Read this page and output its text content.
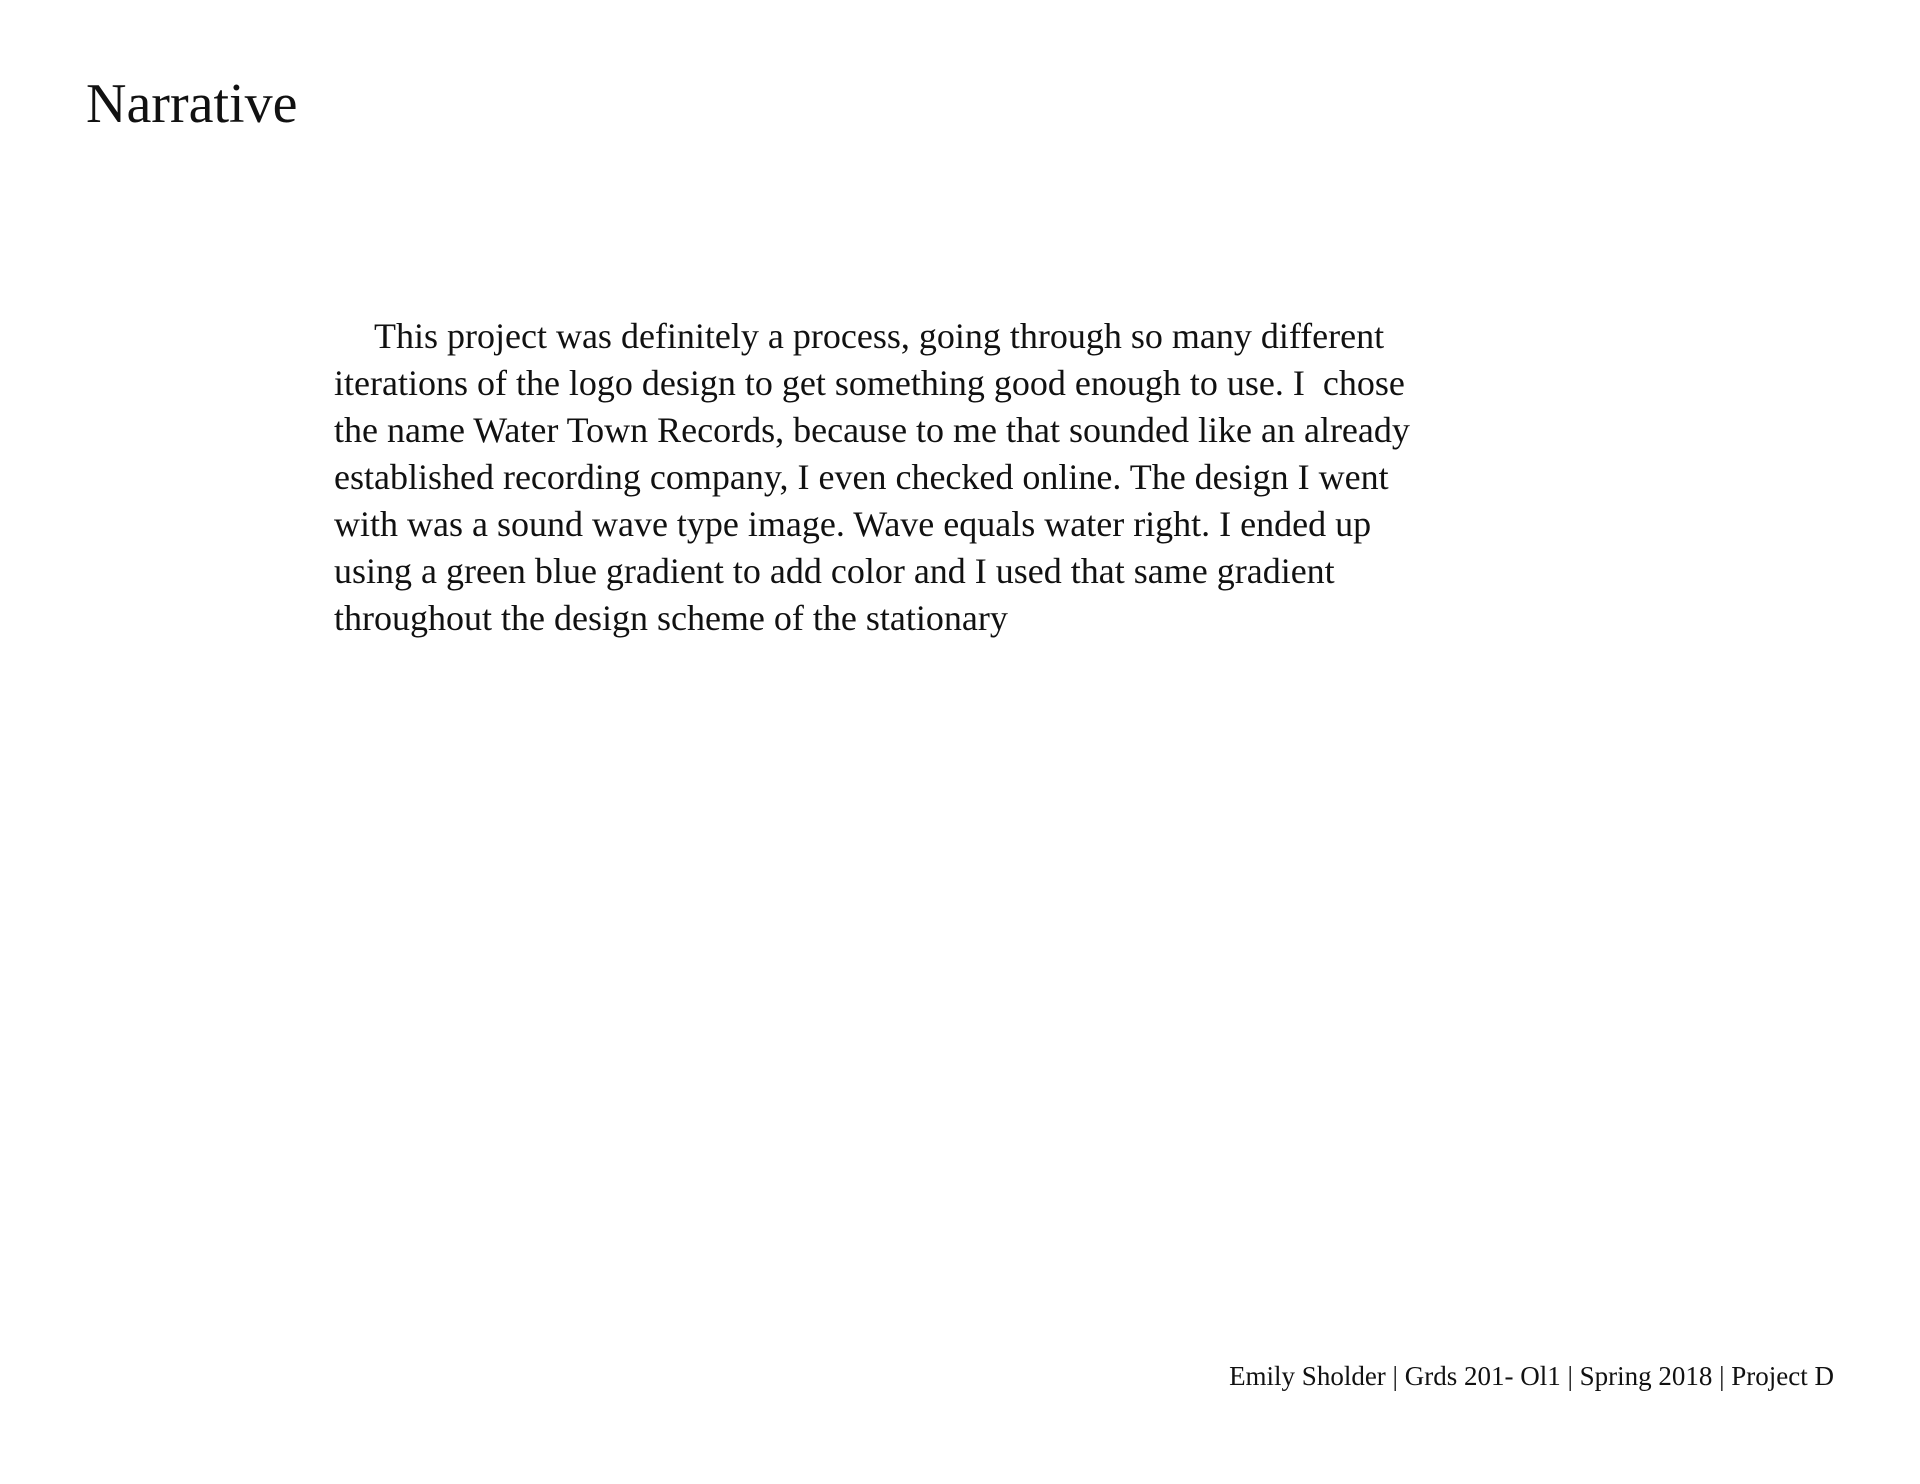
Narrative
This project was definitely a process, going through so many different
iterations of the logo design to get something good enough to use. I  chose
the name Water Town Records, because to me that sounded like an already
established recording company, I even checked online. The design I went
with was a sound wave type image. Wave equals water right. I ended up
using a green blue gradient to add color and I used that same gradient
throughout the design scheme of the stationary

Emily Sholder | Grds 201- Ol1 | Spring 2018 | Project D
